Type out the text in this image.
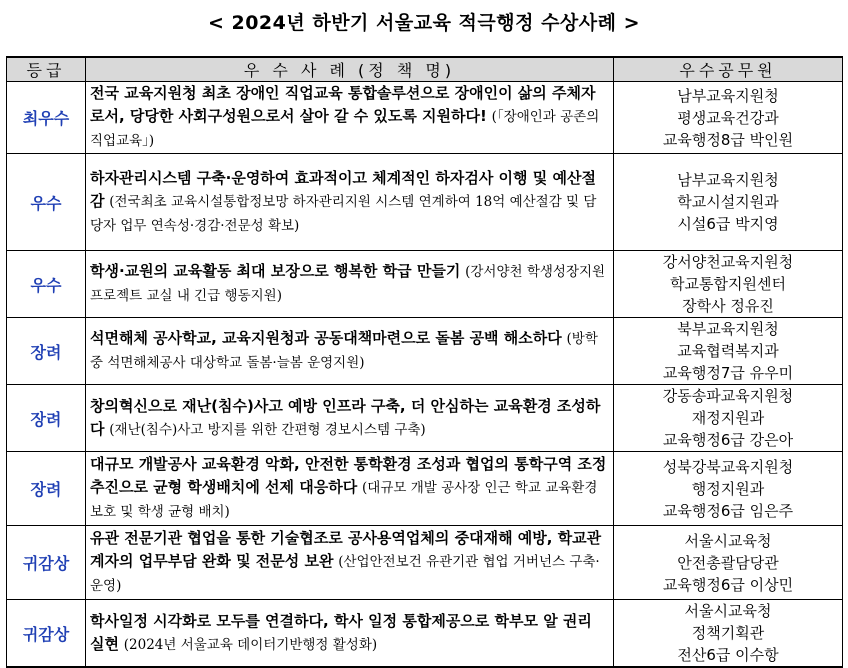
< 2024년 하반기 서울교육 적극행정 수상사례 >
등급	우 수 사 례 (정 책 명)	우수공무원
최우수	전국 교육지원청 최초 장애인 직업교육 통합솔루션으로 장애인이 삶의 주체자로서, 당당한 사회구성원으로서 살아 갈 수 있도록 지원하다! (「장애인과 공존의 직업교육」)	남부교육지원청
평생교육건강과
교육행정8급 박인원

우수	하자관리시스템 구축·운영하여 효과적이고 체계적인 하자검사 이행 및 예산절감 (전국최초 교육시설통합정보망 하자관리지원 시스템 연계하여 18억 예산절감 및 담당자 업무 연속성·경감·전문성 확보)	남부교육지원청
학교시설지원과
시설6급 박지영

우수	학생·교원의 교육활동 최대 보장으로 행복한 학급 만들기 (강서양천 학생성장지원 프로젝트 교실 내 긴급 행동지원)	강서양천교육지원청
학교통합지원센터
장학사 정유진

장려	석면해체 공사학교, 교육지원청과 공동대책마련으로 돌봄 공백 해소하다 (방학 중 석면해체공사 대상학교 돌봄·늘봄 운영지원)	북부교육지원청
교육협력복지과
교육행정7급 유우미

장려	창의혁신으로 재난(침수)사고 예방 인프라 구축, 더 안심하는 교육환경 조성하다 (재난(침수)사고 방지를 위한 간편형 경보시스템 구축)	강동송파교육지원청
재정지원과
교육행정6급 강은아

장려	대규모 개발공사 교육환경 악화, 안전한 통학환경 조성과 협업의 통학구역 조정 추진으로 균형 학생배치에 선제 대응하다 (대규모 개발 공사장 인근 학교 교육환경보호 및 학생 균형 배치)	성북강북교육지원청
행정지원과
교육행정6급 임은주

귀감상	유관 전문기관 협업을 통한 기술협조로 공사용역업체의 중대재해 예방, 학교관계자의 업무부담 완화 및 전문성 보완 (산업안전보건 유관기관 협업 거버넌스 구축·운영)	서울시교육청
안전총괄담당관
교육행정6급 이상민

귀감상	학사일정 시각화로 모두를 연결하다, 학사 일정 통합제공으로 학부모 알 권리 실현 (2024년 서울교육 데이터기반행정 활성화)	서울시교육청
정책기획관
전산6급 이수항
